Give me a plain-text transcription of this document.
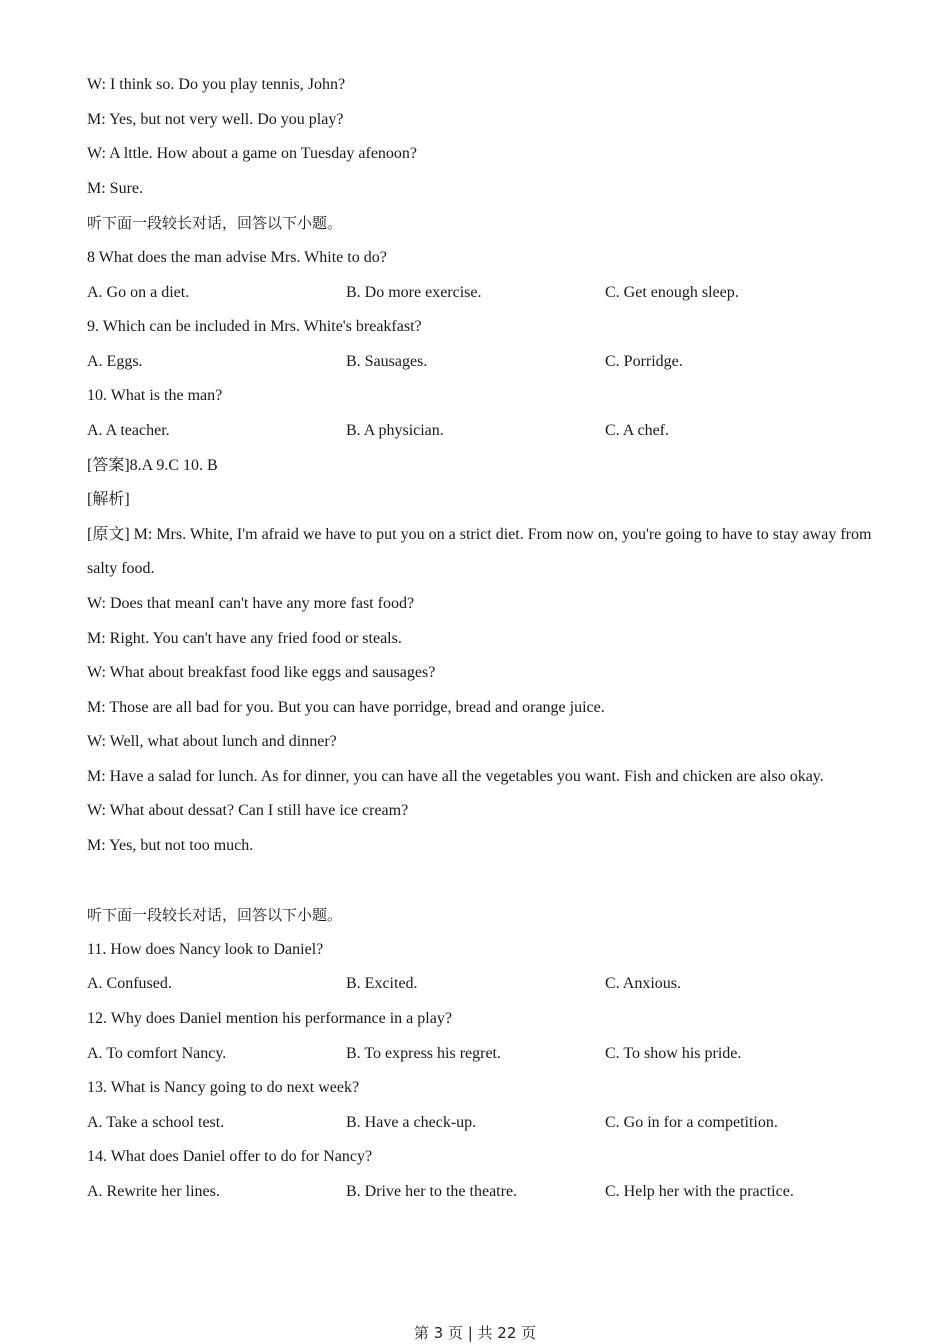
W: I think so. Do you play tennis, John?
M: Yes, but not very well. Do you play?
W: A lttle. How about a game on Tuesday afenoon?
M: Sure.
听下面一段较长对话，回答以下小题。
8 What does the man advise Mrs. White to do?
A. Go on a diet.	B. Do more exercise.	C. Get enough sleep.
9. Which can be included in Mrs. White's breakfast?
A. Eggs.	B. Sausages.	C. Porridge.
10. What is the man?
A. A teacher.	B. A physician.	C. A chef.
[答案]8.A 9.C 10. B
[解析]
[原文] M: Mrs. White, I'm afraid we have to put you on a strict diet. From now on, you're going to have to stay away from salty food.
W: Does that meanI can't have any more fast food?
M: Right. You can't have any fried food or steals.
W: What about breakfast food like eggs and sausages?
M: Those are all bad for you. But you can have porridge, bread and orange juice.
W: Well, what about lunch and dinner?
M: Have a salad for lunch. As for dinner, you can have all the vegetables you want. Fish and chicken are also okay.
W: What about dessat? Can I still have ice cream?
M: Yes, but not too much.
听下面一段较长对话，回答以下小题。
11. How does Nancy look to Daniel?
A. Confused.	B. Excited.	C. Anxious.
12. Why does Daniel mention his performance in a play?
A. To comfort Nancy.	B. To express his regret.	C. To show his pride.
13. What is Nancy going to do next week?
A. Take a school test.	B. Have a check-up.	C. Go in for a competition.
14. What does Daniel offer to do for Nancy?
A. Rewrite her lines.	B. Drive her to the theatre.	C. Help her with the practice.
第 3 页 | 共 22 页
